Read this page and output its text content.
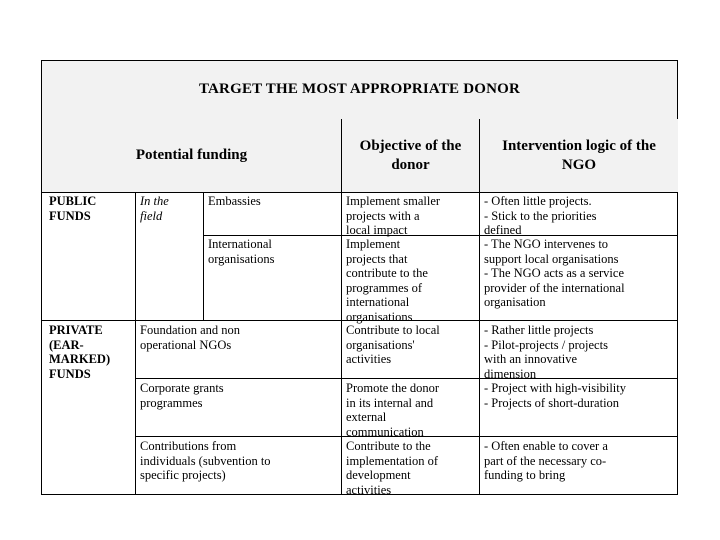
TARGET THE MOST APPROPRIATE DONOR
Potential funding
Objective of the
donor
Intervention logic of the
NGO
PUBLIC
FUNDS
In the
field
Embassies	Implement smaller
projects with a
local impact
- Often little projects.
- Stick to the priorities
defined
International
organisations
Implement
projects that
contribute to the
programmes of
international
organisations
- The NGO intervenes to
support local organisations
- The NGO acts as a service
provider of the international
organisation
PRIVATE
(EAR-
MARKED)
FUNDS
Foundation and non
operational NGOs
Contribute to local
organisations'
activities
- Rather little projects
- Pilot-projects / projects
with an innovative
dimension
Corporate grants
programmes
Promote the donor
in its internal and
external
communication
- Project with high-visibility
- Projects of short-duration
Contributions from
individuals (subvention to
specific projects)
Contribute to the
implementation of
development
activities
- Often enable to cover a
part of the necessary co-
funding to bring
